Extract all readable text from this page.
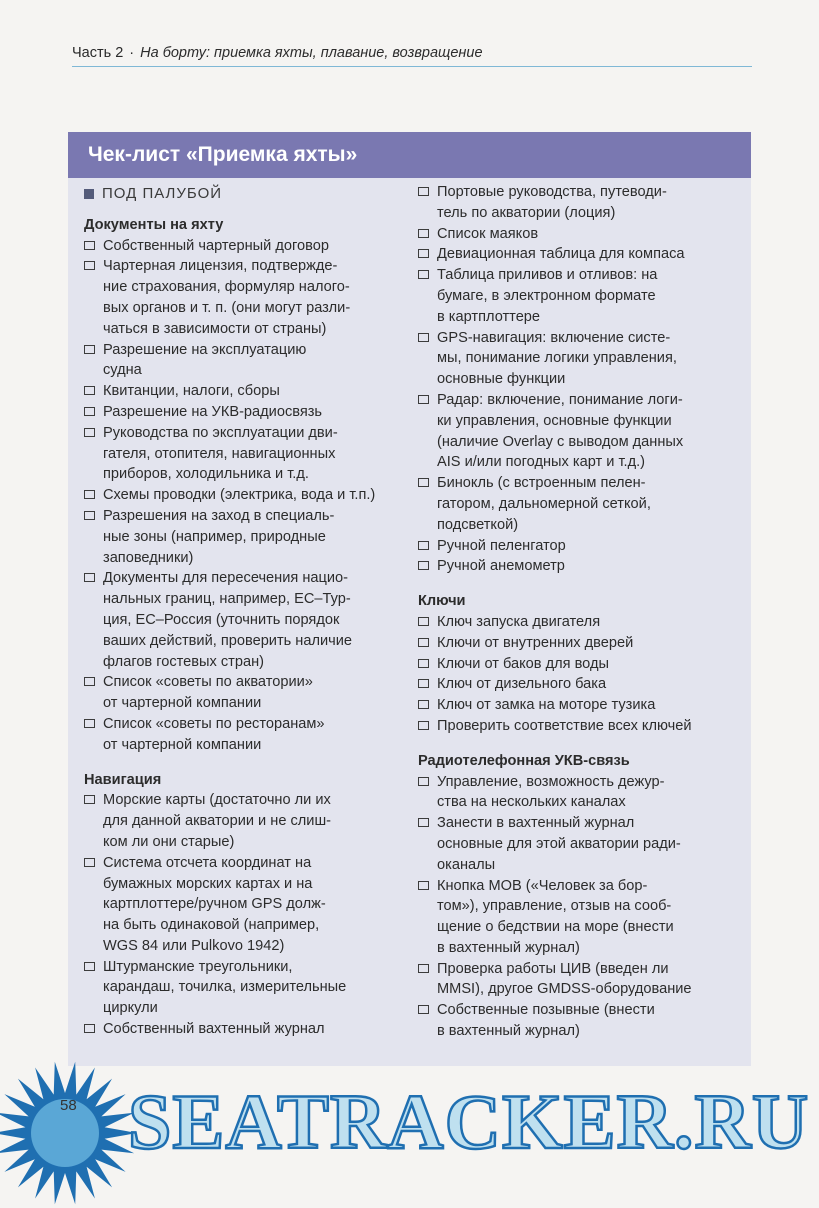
Часть 2 · На борту: приемка яхты, плавание, возвращение
Чек-лист «Приемка яхты»
ПОД ПАЛУБОЙ
Документы на яхту
Собственный чартерный договор
Чартерная лицензия, подтвержде-
ние страхования, формуляр налого-
вых органов и т. п. (они могут разли-
чаться в зависимости от страны)
Разрешение на эксплуатацию
судна
Квитанции, налоги, сборы
Разрешение на УКВ-радиосвязь
Руководства по эксплуатации дви-
гателя, отопителя, навигационных
приборов, холодильника и т.д.
Схемы проводки (электрика, вода и т.п.)
Разрешения на заход в специаль-
ные зоны (например, природные
заповедники)
Документы для пересечения нацио-
нальных границ, например, ЕС–Тур-
ция, ЕС–Россия (уточнить порядок
ваших действий, проверить наличие
флагов гостевых стран)
Список «советы по акватории»
от чартерной компании
Список «советы по ресторанам»
от чартерной компании
Навигация
Морские карты (достаточно ли их
для данной акватории и не слиш-
ком ли они старые)
Система отсчета координат на
бумажных морских картах и на
картплоттере/ручном GPS долж-
на быть одинаковой (например,
WGS 84 или Pulkovo 1942)
Штурманские треугольники,
карандаш, точилка, измерительные
циркули
Собственный вахтенный журнал
Портовые руководства, путеводи-
тель по акватории (лоция)
Список маяков
Девиационная таблица для компаса
Таблица приливов и отливов: на
бумаге, в электронном формате
в картплоттере
GPS-навигация: включение систе-
мы, понимание логики управления,
основные функции
Радар: включение, понимание логи-
ки управления, основные функции
(наличие Overlay с выводом данных
AIS и/или погодных карт и т.д.)
Бинокль (с встроенным пелен-
гатором, дальномерной сеткой,
подсветкой)
Ручной пеленгатор
Ручной анемометр
Ключи
Ключ запуска двигателя
Ключи от внутренних дверей
Ключи от баков для воды
Ключ от дизельного бака
Ключ от замка на моторе тузика
Проверить соответствие всех ключей
Радиотелефонная УКВ-связь
Управление, возможность дежур-
ства на нескольких каналах
Занести в вахтенный журнал
основные для этой акватории ради-
оканалы
Кнопка МОВ («Человек за бор-
том»), управление, отзыв на сооб-
щение о бедствии на море (внести
в вахтенный журнал)
Проверка работы ЦИВ (введен ли
MMSI), другое GMDSS-оборудование
Собственные позывные (внести
в вахтенный журнал)
58 SEATRACKER.RU
